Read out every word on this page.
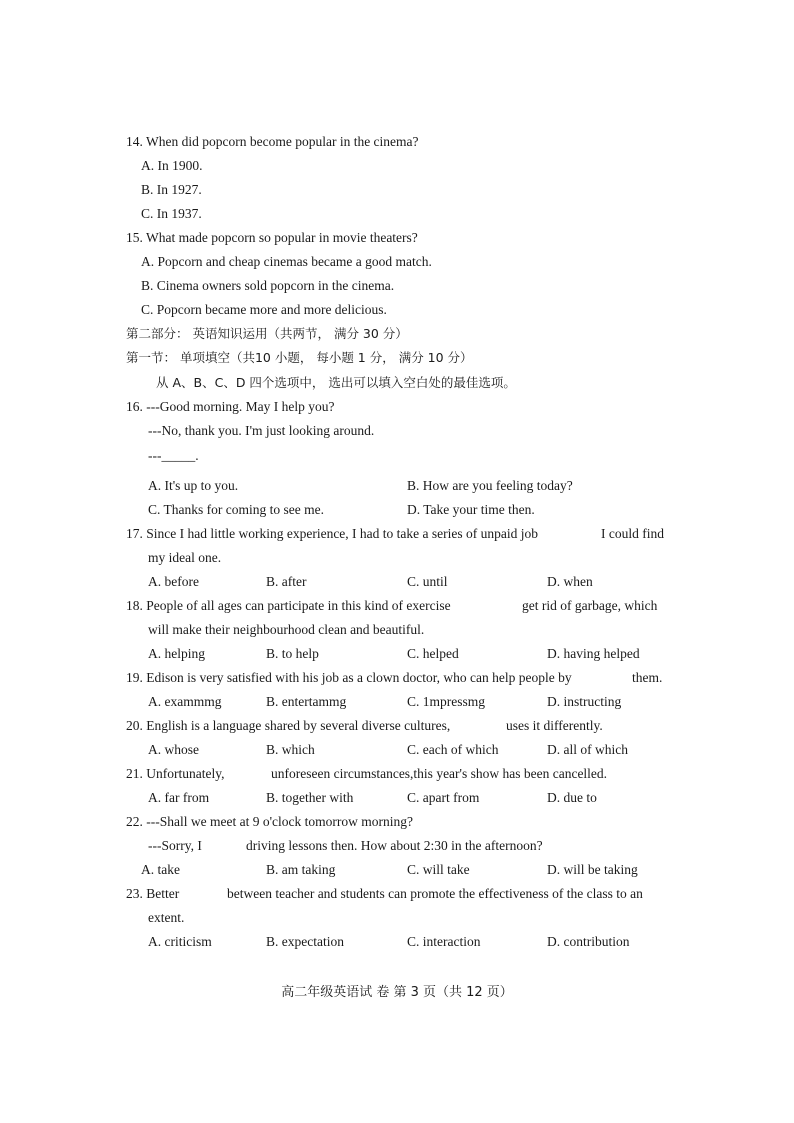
14. When did popcorn become popular in the cinema?
A. In 1900.
B. In 1927.
C. In 1937.
15. What made popcorn so popular in movie theaters?
A. Popcorn and cheap cinemas became a good match.
B. Cinema owners sold popcorn in the cinema.
C. Popcorn became more and more delicious.
第二部分： 英语知识运用（共两节， 满分 30 分）
第一节： 单项填空（共10 小题， 每小题 1 分， 满分 10 分）
从 A、B、C、D 四个选项中， 选出可以填入空白处的最佳选项。
16. ---Good morning. May I help you?
---No, thank you. I'm just looking around.
---_____.
A. It's up to you.	B. How are you feeling today?
C. Thanks for coming to see me.	D. Take your time then.
17. Since I had little working experience, I had to take a series of unpaid job	I could find
my ideal one.
A. before	B. after	C. until	D. when
18. People of all ages can participate in this kind of exercise	get rid of garbage, which
will make their neighbourhood clean and beautiful.
A. helping	B. to help	C. helped	D. having helped
19. Edison is very satisfied with his job as a clown doctor, who can help people by	them.
A. exammmg	B. entertammg	C. 1mpressmg	D. instructing
20. English is a language shared by several diverse cultures,	uses it differently.
A. whose	B. which	C. each of which	D. all of which
21. Unfortunately,	unforeseen circumstances,this year's show has been cancelled.
A. far from	B. together with	C. apart from	D. due to
22. ---Shall we meet at 9 o'clock tomorrow morning?
---Sorry, I	driving lessons then. How about 2:30 in the afternoon?
A. take	B. am taking	C. will take	D. will be taking
23. Better	between teacher and students can promote the effectiveness of the class to an
extent.
A. criticism	B. expectation	C. interaction	D. contribution
高二年级英语试 卷 第 3 页（共 12 页）
